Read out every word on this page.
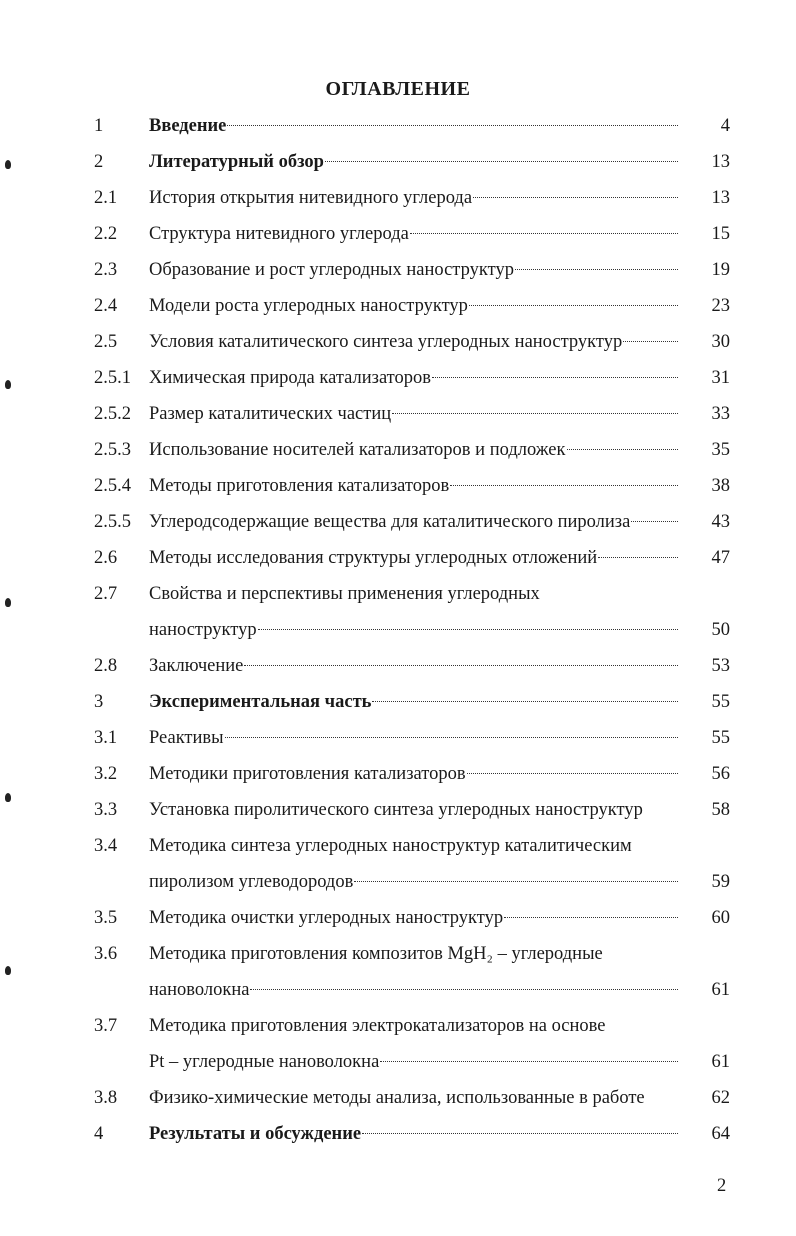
ОГЛАВЛЕНИЕ
1 Введение	4
2 Литературный обзор	13
2.1 История открытия нитевидного углерода	13
2.2 Структура нитевидного углерода	15
2.3 Образование и рост углеродных наноструктур	19
2.4 Модели роста углеродных наноструктур	23
2.5 Условия каталитического синтеза углеродных наноструктур	30
2.5.1 Химическая природа катализаторов	31
2.5.2 Размер каталитических частиц	33
2.5.3 Использование носителей катализаторов и подложек	35
2.5.4 Методы приготовления катализаторов	38
2.5.5 Углеродсодержащие вещества для каталитического пиролиза	43
2.6 Методы исследования структуры углеродных отложений	47
2.7 Свойства и перспективы применения углеродных
наноструктур	50
2.8 Заключение	53
3 Экспериментальная часть	55
3.1 Реактивы	55
3.2 Методики приготовления катализаторов	56
3.3 Установка пиролитического синтеза углеродных наноструктур	58
3.4 Методика синтеза углеродных наноструктур каталитическим
пиролизом углеводородов	59
3.5 Методика очистки углеродных наноструктур	60
3.6 Методика приготовления композитов MgH₂ – углеродные
нановолокна	61
3.7 Методика приготовления электрокатализаторов на основе
Pt – углеродные нановолокна	61
3.8 Физико-химические методы анализа, использованные в работе	62
4 Результаты и обсуждение	64
2
